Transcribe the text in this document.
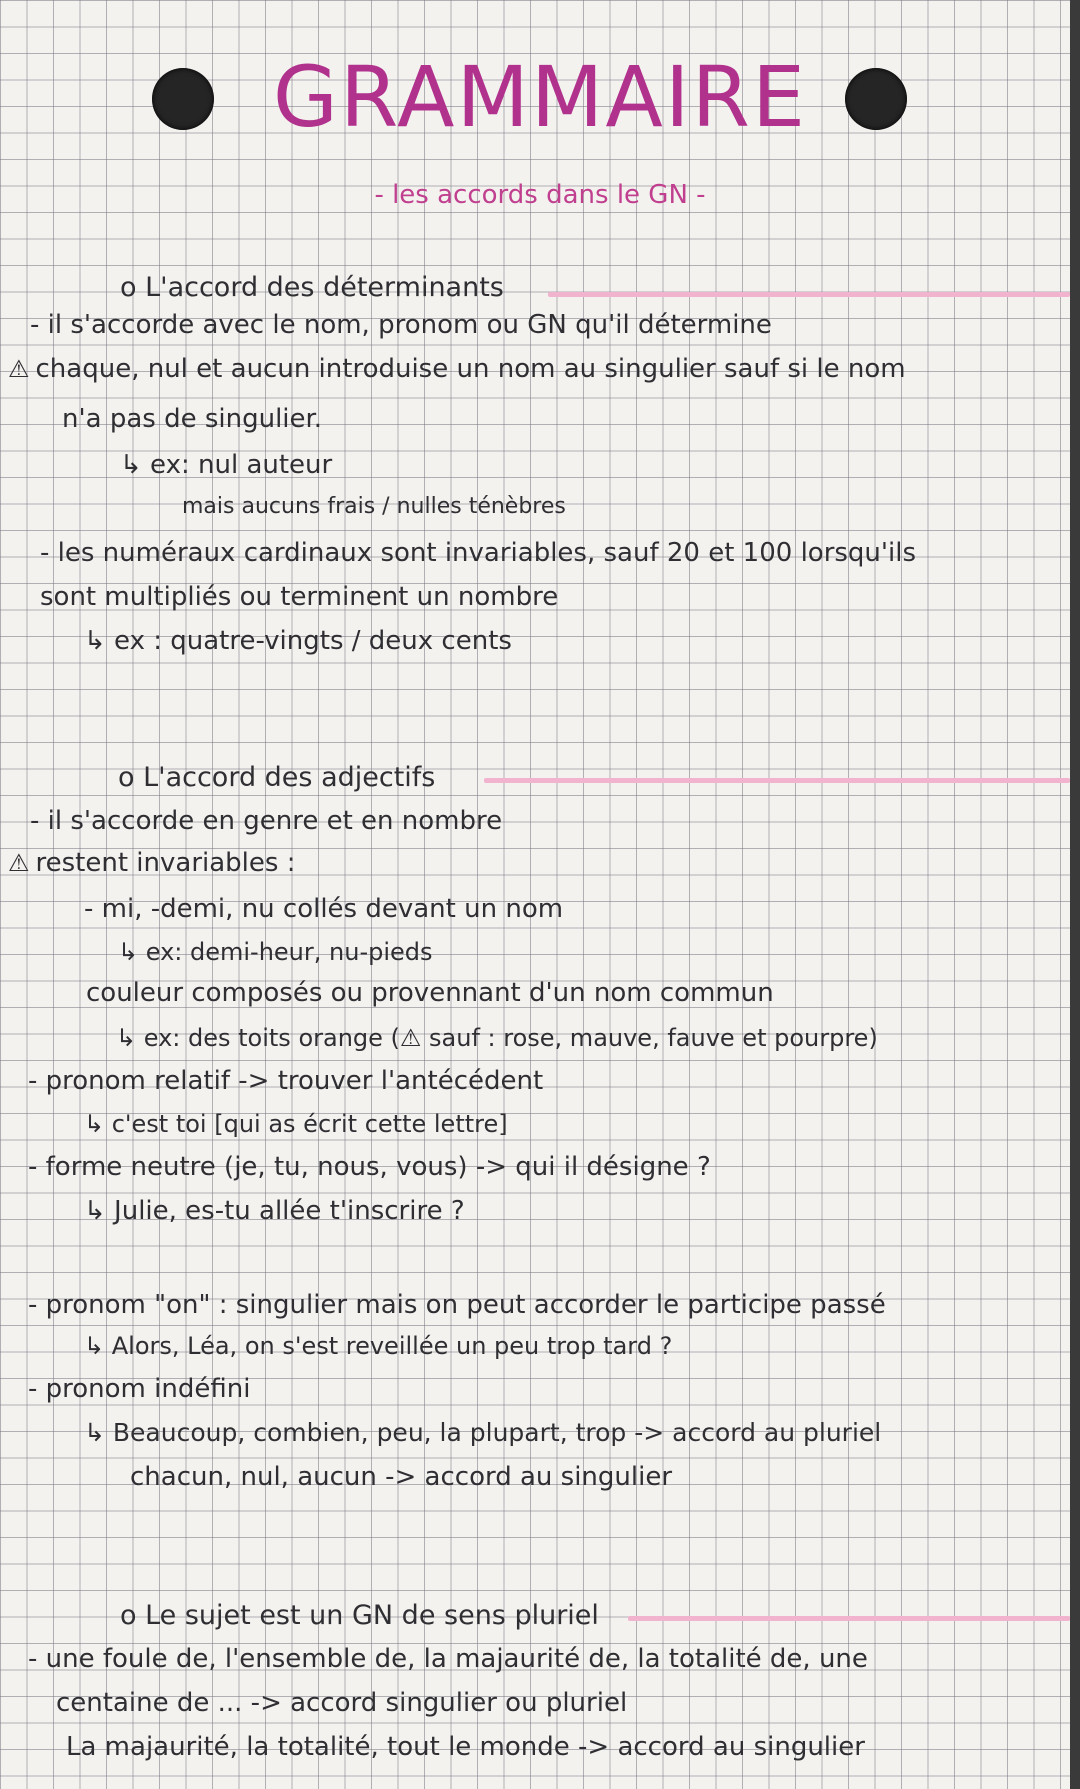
GRAMMAIRE
- les accords dans le GN -
o L'accord des déterminants
- il s'accorde avec le nom, pronom ou GN qu'il détermine
⚠ chaque, nul et aucun introduise un nom au singulier sauf si le nom
n'a pas de singulier.
↳ ex: nul auteur
mais aucuns frais / nulles ténèbres
- les numéraux cardinaux sont invariables, sauf 20 et 100 lorsqu'ils
sont multipliés ou terminent un nombre
↳ ex : quatre-vingts / deux cents
o L'accord des adjectifs
- il s'accorde en genre et en nombre
⚠ restent invariables :
- mi, -demi, nu collés devant un nom
↳ ex: demi-heur, nu-pieds
couleur composés ou provennant d'un nom commun
↳ ex: des toits orange (⚠ sauf : rose, mauve, fauve et pourpre)
- pronom relatif -> trouver l'antécédent
↳ c'est toi [qui as écrit cette lettre]
- forme neutre (je, tu, nous, vous) -> qui il désigne ?
↳ Julie, es-tu allée t'inscrire ?
- pronom "on" : singulier mais on peut accorder le participe passé
↳ Alors, Léa, on s'est reveillée un peu trop tard ?
- pronom indéfini
↳ Beaucoup, combien, peu, la plupart, trop -> accord au pluriel
chacun, nul, aucun -> accord au singulier
o Le sujet est un GN de sens pluriel
- une foule de, l'ensemble de, la majaurité de, la totalité de, une
centaine de ... -> accord singulier ou pluriel
La majaurité, la totalité, tout le monde -> accord au singulier
